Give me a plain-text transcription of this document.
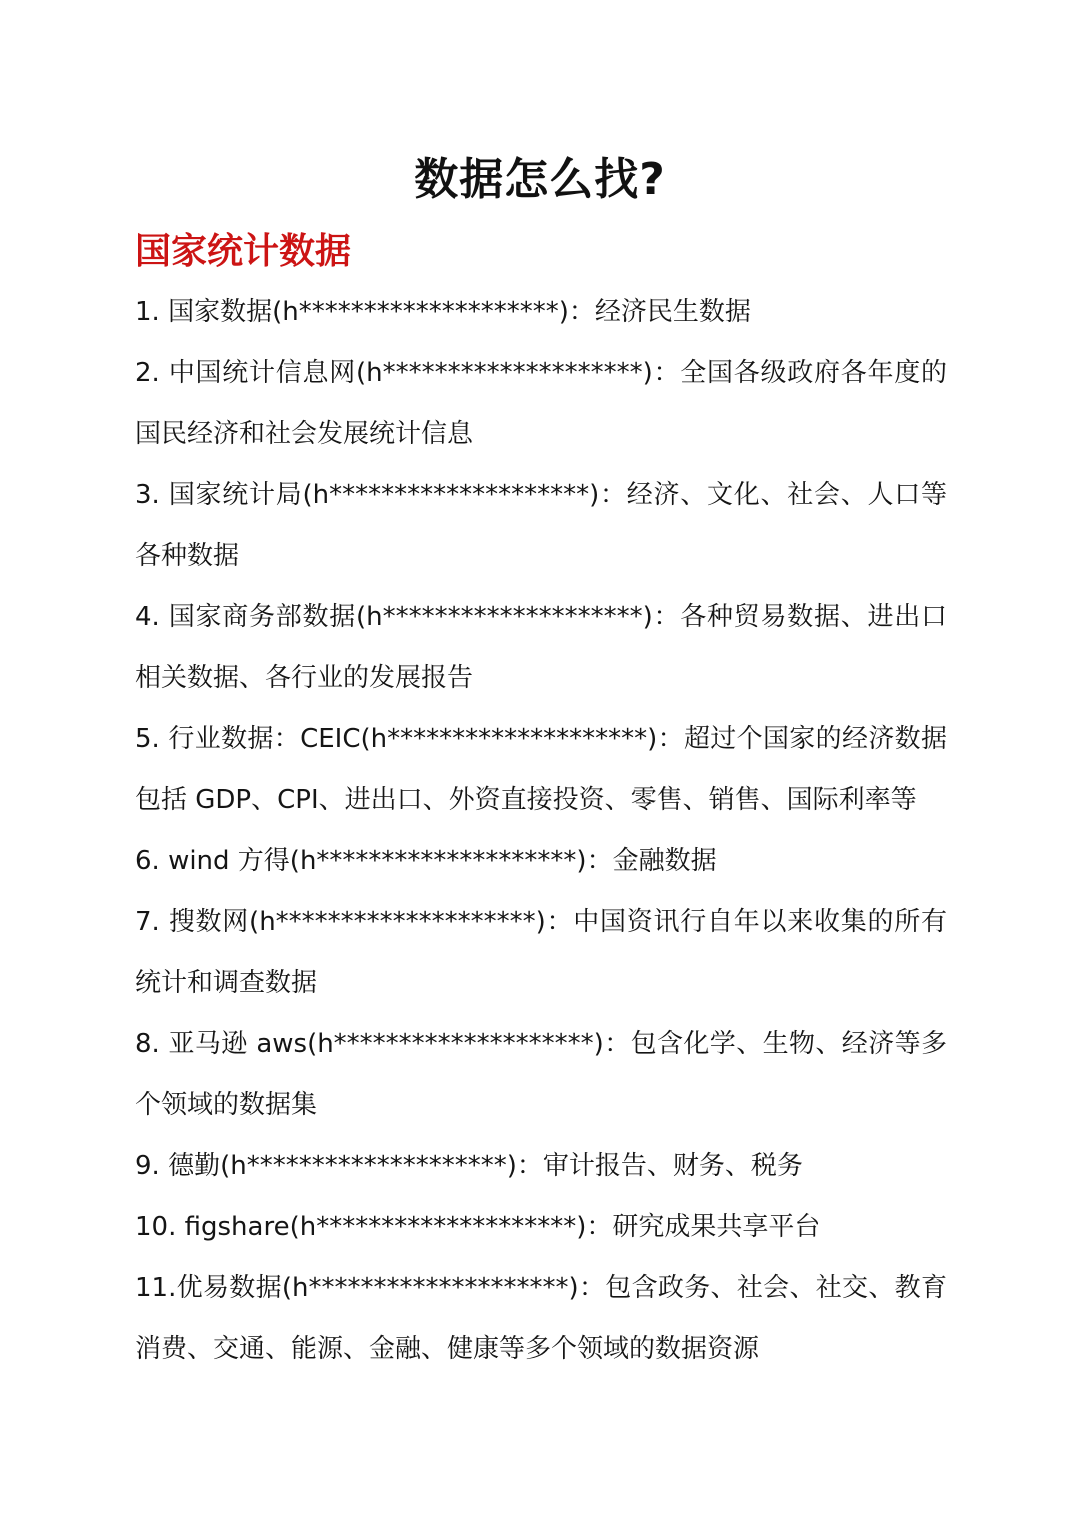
数据怎么找?
国家统计数据

1. 国家数据(h********************)：经济民生数据

2. 中国统计信息网(h********************)：全国各级政府各年度的国民经济和社会发展统计信息

3. 国家统计局(h********************)：经济、文化、社会、人口等各种数据

4. 国家商务部数据(h********************)：各种贸易数据、进出口相关数据、各行业的发展报告

5. 行业数据：CEIC(h********************)：超过个国家的经济数据包括 GDP、CPI、进出口、外资直接投资、零售、销售、国际利率等

6. wind 方得(h********************)：金融数据

7. 搜数网(h********************)：中国资讯行自年以来收集的所有统计和调查数据

8. 亚马逊 aws(h********************)：包含化学、生物、经济等多个领域的数据集

9. 德勤(h********************)：审计报告、财务、税务

10. figshare(h********************)：研究成果共享平台

11.优易数据(h********************)：包含政务、社会、社交、教育消费、交通、能源、金融、健康等多个领域的数据资源
